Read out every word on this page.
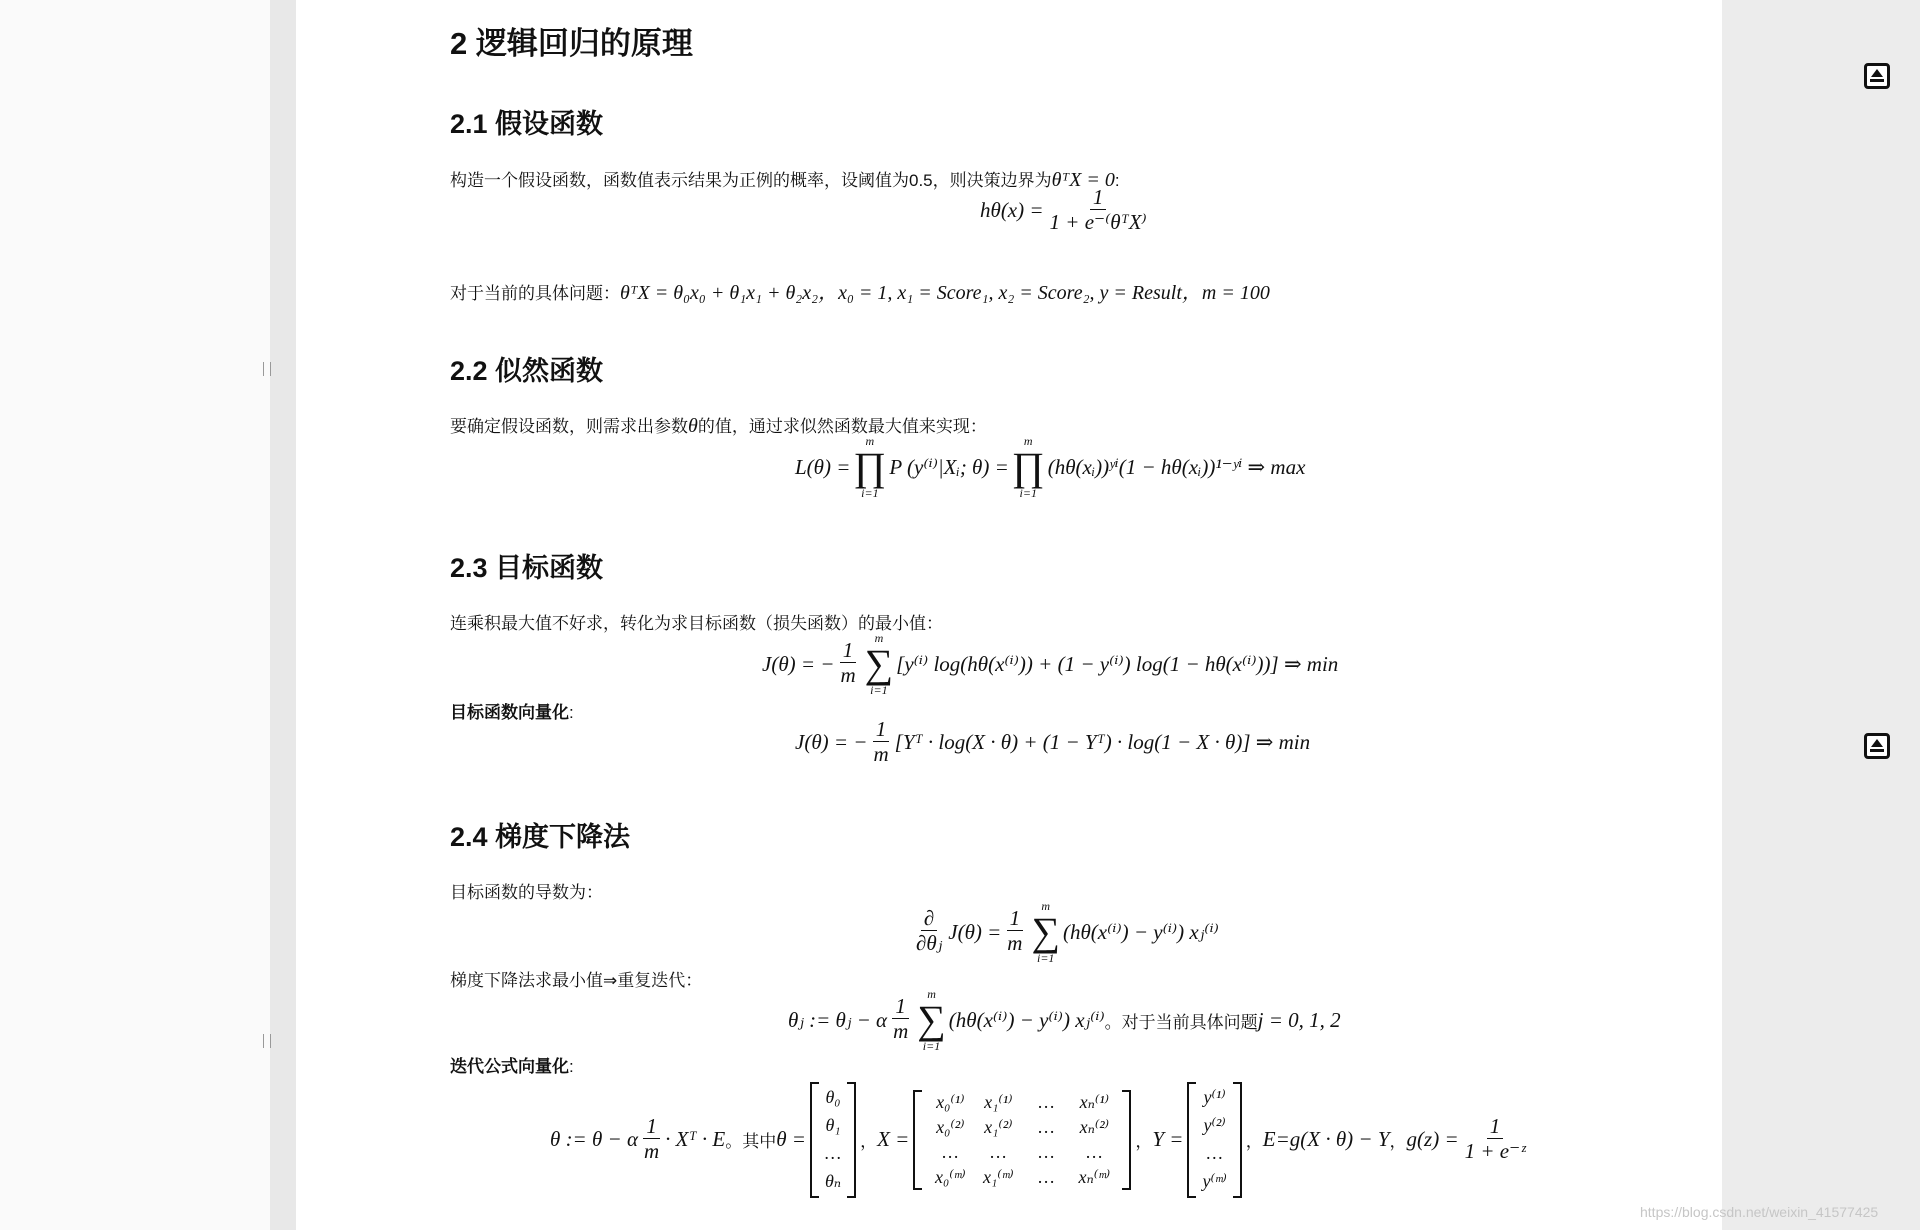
2 逻辑回归的原理
2.1 假设函数
构造一个假设函数，函数值表示结果为正例的概率，设阈值为0.5，则决策边界为θᵀX = 0:
$h\theta(x) = \frac{1}{\text{1 + e⁻⁽θᵀX⁾}}$
对于当前的具体问题：θᵀX = θ₀x₀ + θ₁x₁ + θ₂x₂，x₀ = 1, x₁ = Score₁, x₂ = Score₂, y = Result，m = 100
2.2 似然函数
要确定假设函数，则需求出参数θ的值，通过求似然函数最大值来实现：
L(θ) =
m
∏
i=1
P (y⁽ⁱ⁾|Xᵢ; θ) =
m
∏
i=1
(hθ(xᵢ))ʸⁱ(1 − hθ(xᵢ))¹⁻ʸⁱ ⇒ max
2.3 目标函数
连乘积最大值不好求，转化为求目标函数（损失函数）的最小值：
J(θ) = − $\frac{1}{m}$
m
∑
i=1
[y⁽ⁱ⁾ log(hθ(x⁽ⁱ⁾)) + (1 − y⁽ⁱ⁾) log(1 − hθ(x⁽ⁱ⁾))] ⇒ min
目标函数向量化:
J(θ) = − $\frac{1}{m}$ [Yᵀ · log(X · θ) + (1 − Yᵀ) · log(1 − X · θ)] ⇒ min
2.4 梯度下降法
目标函数的导数为：
$\frac{\partial}{\text{∂θⱼ}} J(\theta) = \frac{1}{m}$
m
∑
i=1
(hθ(x⁽ⁱ⁾) − y⁽ⁱ⁾) xⱼ⁽ⁱ⁾
梯度下降法求最小值⇒重复迭代：
θⱼ := θⱼ − α $\frac{1}{m}$
m
∑
i=1
(hθ(x⁽ⁱ⁾) − y⁽ⁱ⁾) xⱼ⁽ⁱ⁾ 。对于当前具体问题 j = 0, 1, 2
迭代公式向量化:
θ := θ − α $\frac{1}{m}$ · Xᵀ · E 。其中 θ =
θ₀
θ₁
…
θₙ
， X =
x₀⁽¹⁾	x₁⁽¹⁾	…	xₙ⁽¹⁾
x₀⁽²⁾	x₁⁽²⁾	…	xₙ⁽²⁾
…	…	…	…
x₀⁽ᵐ⁾ x₁⁽ᵐ⁾	…	xₙ⁽ᵐ⁾
， Y =
y⁽¹⁾
y⁽²⁾
…
y⁽ᵐ⁾
， E=g(X · θ) − Y ， $g(z) = \frac{1}{\text{1 + e⁻ᶻ}}$
https://blog.csdn.net/weixin_41577425
